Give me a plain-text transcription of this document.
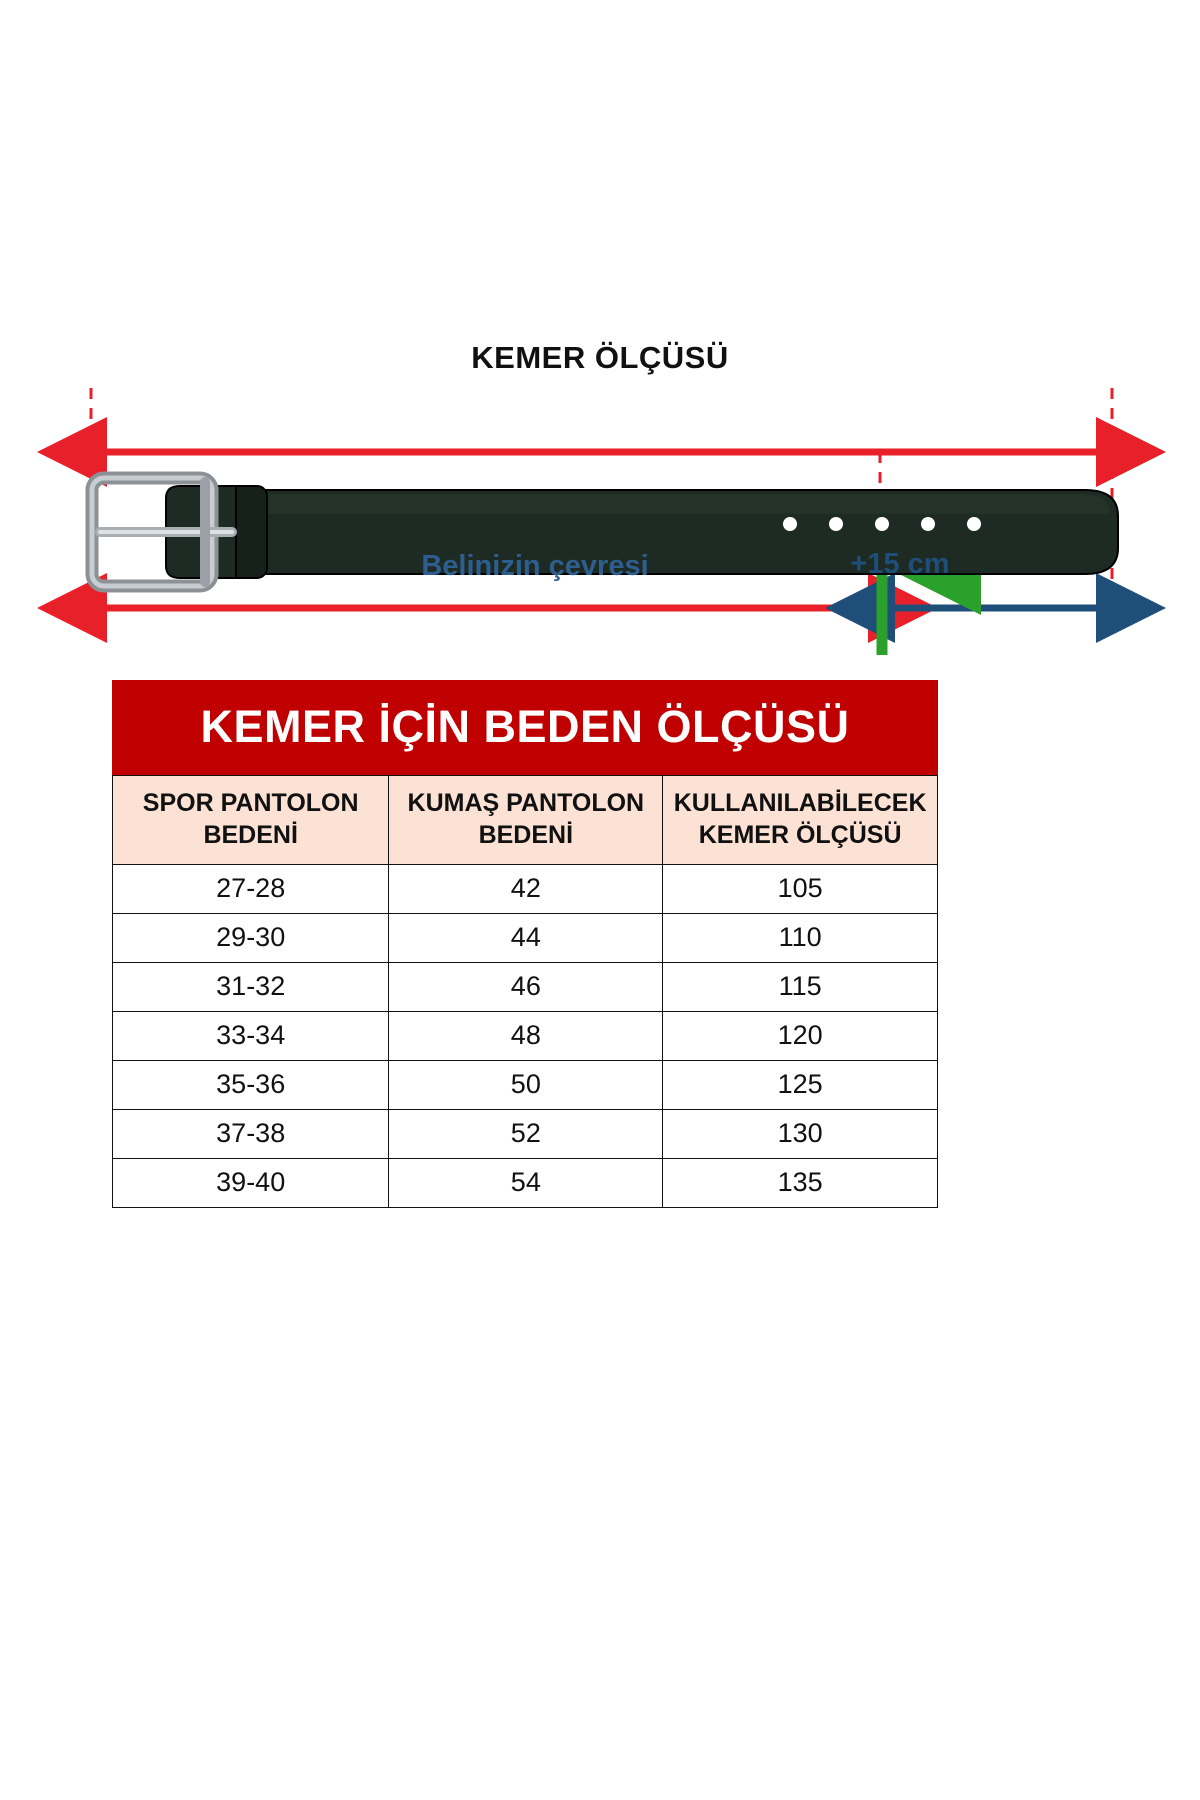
KEMER ÖLÇÜSÜ
Belinizin çevresi	+15 cm
KEMER İÇİN BEDEN ÖLÇÜSÜ
SPOR PANTOLON BEDENİ	KUMAŞ PANTOLON BEDENİ	KULLANILABİLECEK KEMER ÖLÇÜSÜ
27-28	42	105
29-30	44	110
31-32	46	115
33-34	48	120
35-36	50	125
37-38	52	130
39-40	54	135
